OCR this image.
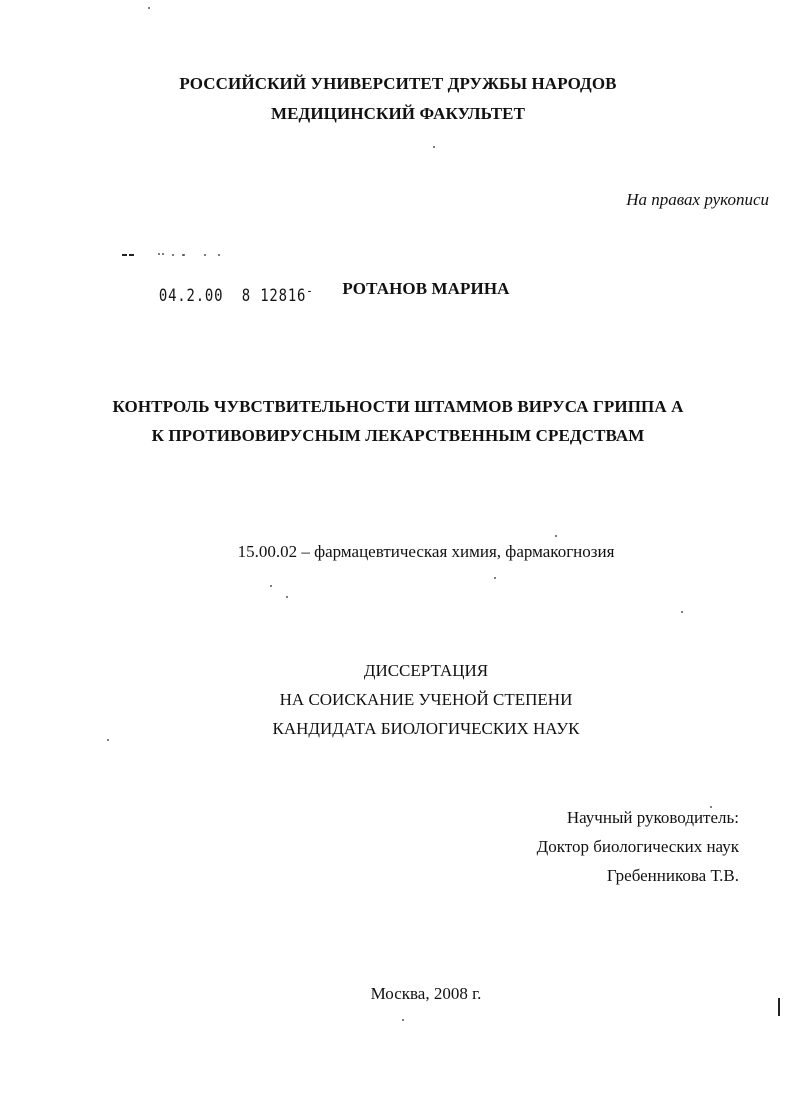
РОССИЙСКИЙ УНИВЕРСИТЕТ ДРУЖБЫ НАРОДОВ
МЕДИЦИНСКИЙ ФАКУЛЬТЕТ
На правах рукописи

04.2.00  8 12816-
	РОТАНОВ МАРИНА
КОНТРОЛЬ ЧУВСТВИТЕЛЬНОСТИ ШТАММОВ ВИРУСА ГРИППА А
К ПРОТИВОВИРУСНЫМ ЛЕКАРСТВЕННЫМ СРЕДСТВАМ
15.00.02 – фармацевтическая химия, фармакогнозия
ДИССЕРТАЦИЯ
НА СОИСКАНИЕ УЧЕНОЙ СТЕПЕНИ
КАНДИДАТА БИОЛОГИЧЕСКИХ НАУК
Научный руководитель:
Доктор биологических наук
Гребенникова Т.В.
Москва, 2008 г.
